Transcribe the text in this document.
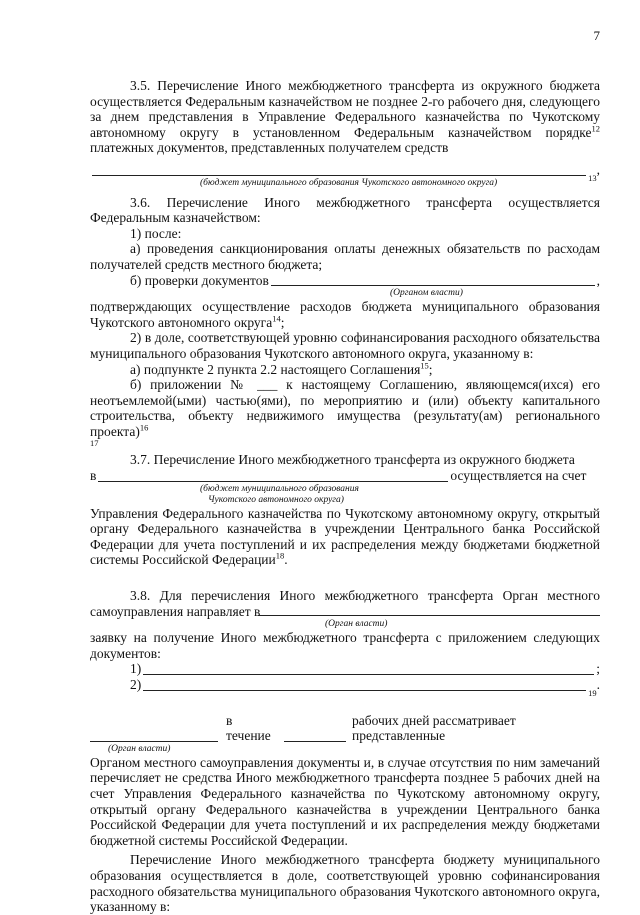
7

3.5. Перечисление Иного межбюджетного трансферта из окружного бюджета осуществляется Федеральным казначейством не позднее 2-го рабочего дня, следующего за днем представления в Управление Федерального казначейства по Чукотскому автономному округу в установленном Федеральным казначейством порядке$^{12}$ платежных документов, представленных получателем средств

13
,
(бюджет муниципального образования Чукотского автономного округа)

3.6. Перечисление Иного межбюджетного трансферта осуществляется Федеральным казначейством:

1) после:

а) проведения санкционирования оплаты денежных обязательств по расходам получателей средств местного бюджета;

б) проверки документов	,
(Органом власти)

подтверждающих осуществление расходов бюджета муниципального образования Чукотского автономного округа$^{14}$;

2) в доле, соответствующей уровню софинансирования расходного обязательства муниципального образования Чукотского автономного округа, указанному в:

а) подпункте 2 пункта 2.2 настоящего Соглашения$^{15}$;

б) приложении № ___ к настоящему Соглашению, являющемся(ихся) его неотъемлемой(ыми) частью(ями), по мероприятию и (или) объекту капитального строительства, объекту недвижимого имущества (результату(ам) регионального проекта)$^{16}$

17

3.7. Перечисление Иного межбюджетного трансферта из окружного бюджета

в	осуществляется на счет
(бюджет муниципального образования
Чукотского автономного округа)

Управления Федерального казначейства по Чукотскому автономному округу, открытый органу Федерального казначейства в учреждении Центрального банка Российской Федерации для учета поступлений и их распределения между бюджетами бюджетной системы Российской Федерации$^{18}$.

3.8. Для перечисления Иного межбюджетного трансферта Орган местного самоуправления направляет в

(Орган власти)

заявку на получение Иного межбюджетного трансферта с приложением следующих документов:

1)	;
2)
19
.
в течение
рабочих дней рассматривает представленные
(Орган власти)

Органом местного самоуправления документы и, в случае отсутствия по ним замечаний перечисляет не средства Иного межбюджетного трансферта позднее 5 рабочих дней на счет Управления Федерального казначейства по Чукотскому автономному округу, открытый органу Федерального казначейства в учреждении Центрального банка Российской Федерации для учета поступлений и их распределения между бюджетами бюджетной системы Российской Федерации.

Перечисление Иного межбюджетного трансферта бюджету муниципального образования осуществляется в доле, соответствующей уровню софинансирования расходного обязательства муниципального образования Чукотского автономного округа, указанному в:
